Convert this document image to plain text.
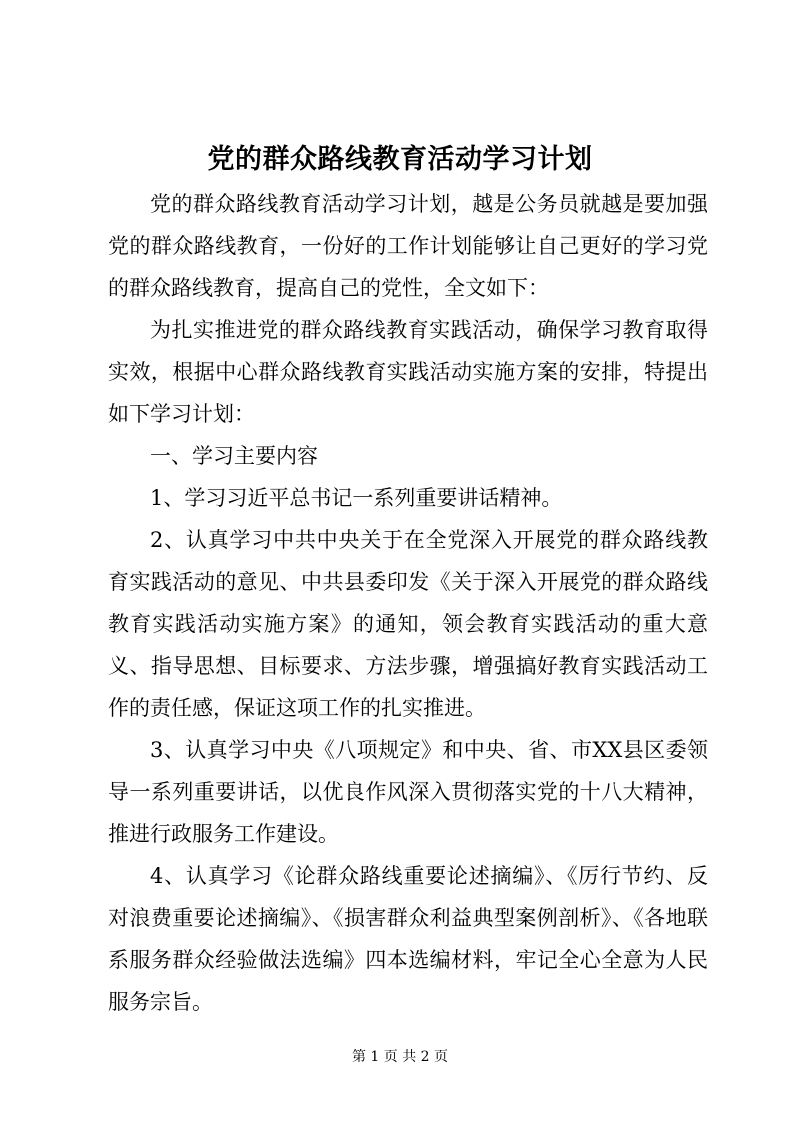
党的群众路线教育活动学习计划

党的群众路线教育活动学习计划，越是公务员就越是要加强党的群众路线教育，一份好的工作计划能够让自己更好的学习党的群众路线教育，提高自己的党性，全文如下：

为扎实推进党的群众路线教育实践活动，确保学习教育取得实效，根据中心群众路线教育实践活动实施方案的安排，特提出如下学习计划：

一、学习主要内容

1、学习习近平总书记一系列重要讲话精神。

2、认真学习中共中央关于在全党深入开展党的群众路线教育实践活动的意见、中共县委印发《关于深入开展党的群众路线教育实践活动实施方案》的通知，领会教育实践活动的重大意义、指导思想、目标要求、方法步骤，增强搞好教育实践活动工作的责任感，保证这项工作的扎实推进。

3、认真学习中央《八项规定》和中央、省、市XX县区委领导一系列重要讲话，以优良作风深入贯彻落实党的十八大精神，推进行政服务工作建设。

4、认真学习《论群众路线重要论述摘编》、《厉行节约、反对浪费重要论述摘编》、《损害群众利益典型案例剖析》、《各地联系服务群众经验做法选编》四本选编材料，牢记全心全意为人民服务宗旨。

第 1 页 共 2 页
